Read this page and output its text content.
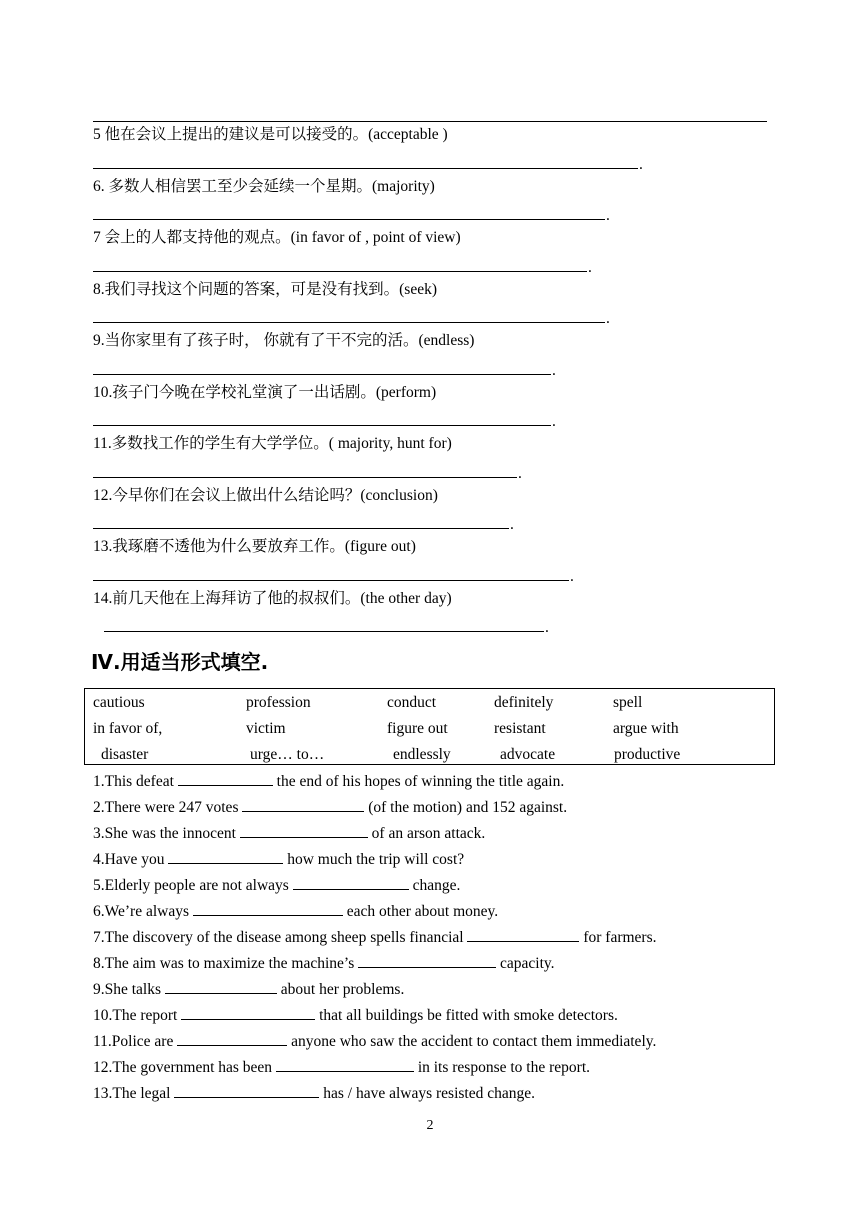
5 他在会议上提出的建议是可以接受的。(acceptable )
.
6. 多数人相信罢工至少会延续一个星期。(majority)
.
7 会上的人都支持他的观点。(in favor of , point of view)
.
8.我们寻找这个问题的答案，可是没有找到。(seek)
.
9.当你家里有了孩子时， 你就有了干不完的活。(endless)
.
10.孩子门今晚在学校礼堂演了一出话剧。(perform)
.
11.多数找工作的学生有大学学位。( majority, hunt for)
.
12.今早你们在会议上做出什么结论吗？(conclusion)
.
13.我琢磨不透他为什么要放弃工作。(figure out)
.
14.前几天他在上海拜访了他的叔叔们。(the other day)
.
Ⅳ.用适当形式填空.
cautious	profession	conduct	definitely	spell
in favor of,	victim	figure out	resistant	argue with
disaster	urge… to…	endlessly	advocate	productive
1.This defeat	the end of his hopes of winning the title again.
2.There were 247 votes	(of the motion) and 152 against.
3.She was the innocent	of an arson attack.
4.Have you	how much the trip will cost?
5.Elderly people are not always	change.
6.We’re always	each other about money.
7.The discovery of the disease among sheep spells financial	for farmers.
8.The aim was to maximize the machine’s	capacity.
9.She talks	about her problems.
10.The report	that all buildings be fitted with smoke detectors.
11.Police are	anyone who saw the accident to contact them immediately.
12.The government has been	in its response to the report.
13.The legal	has / have always resisted change.
2
